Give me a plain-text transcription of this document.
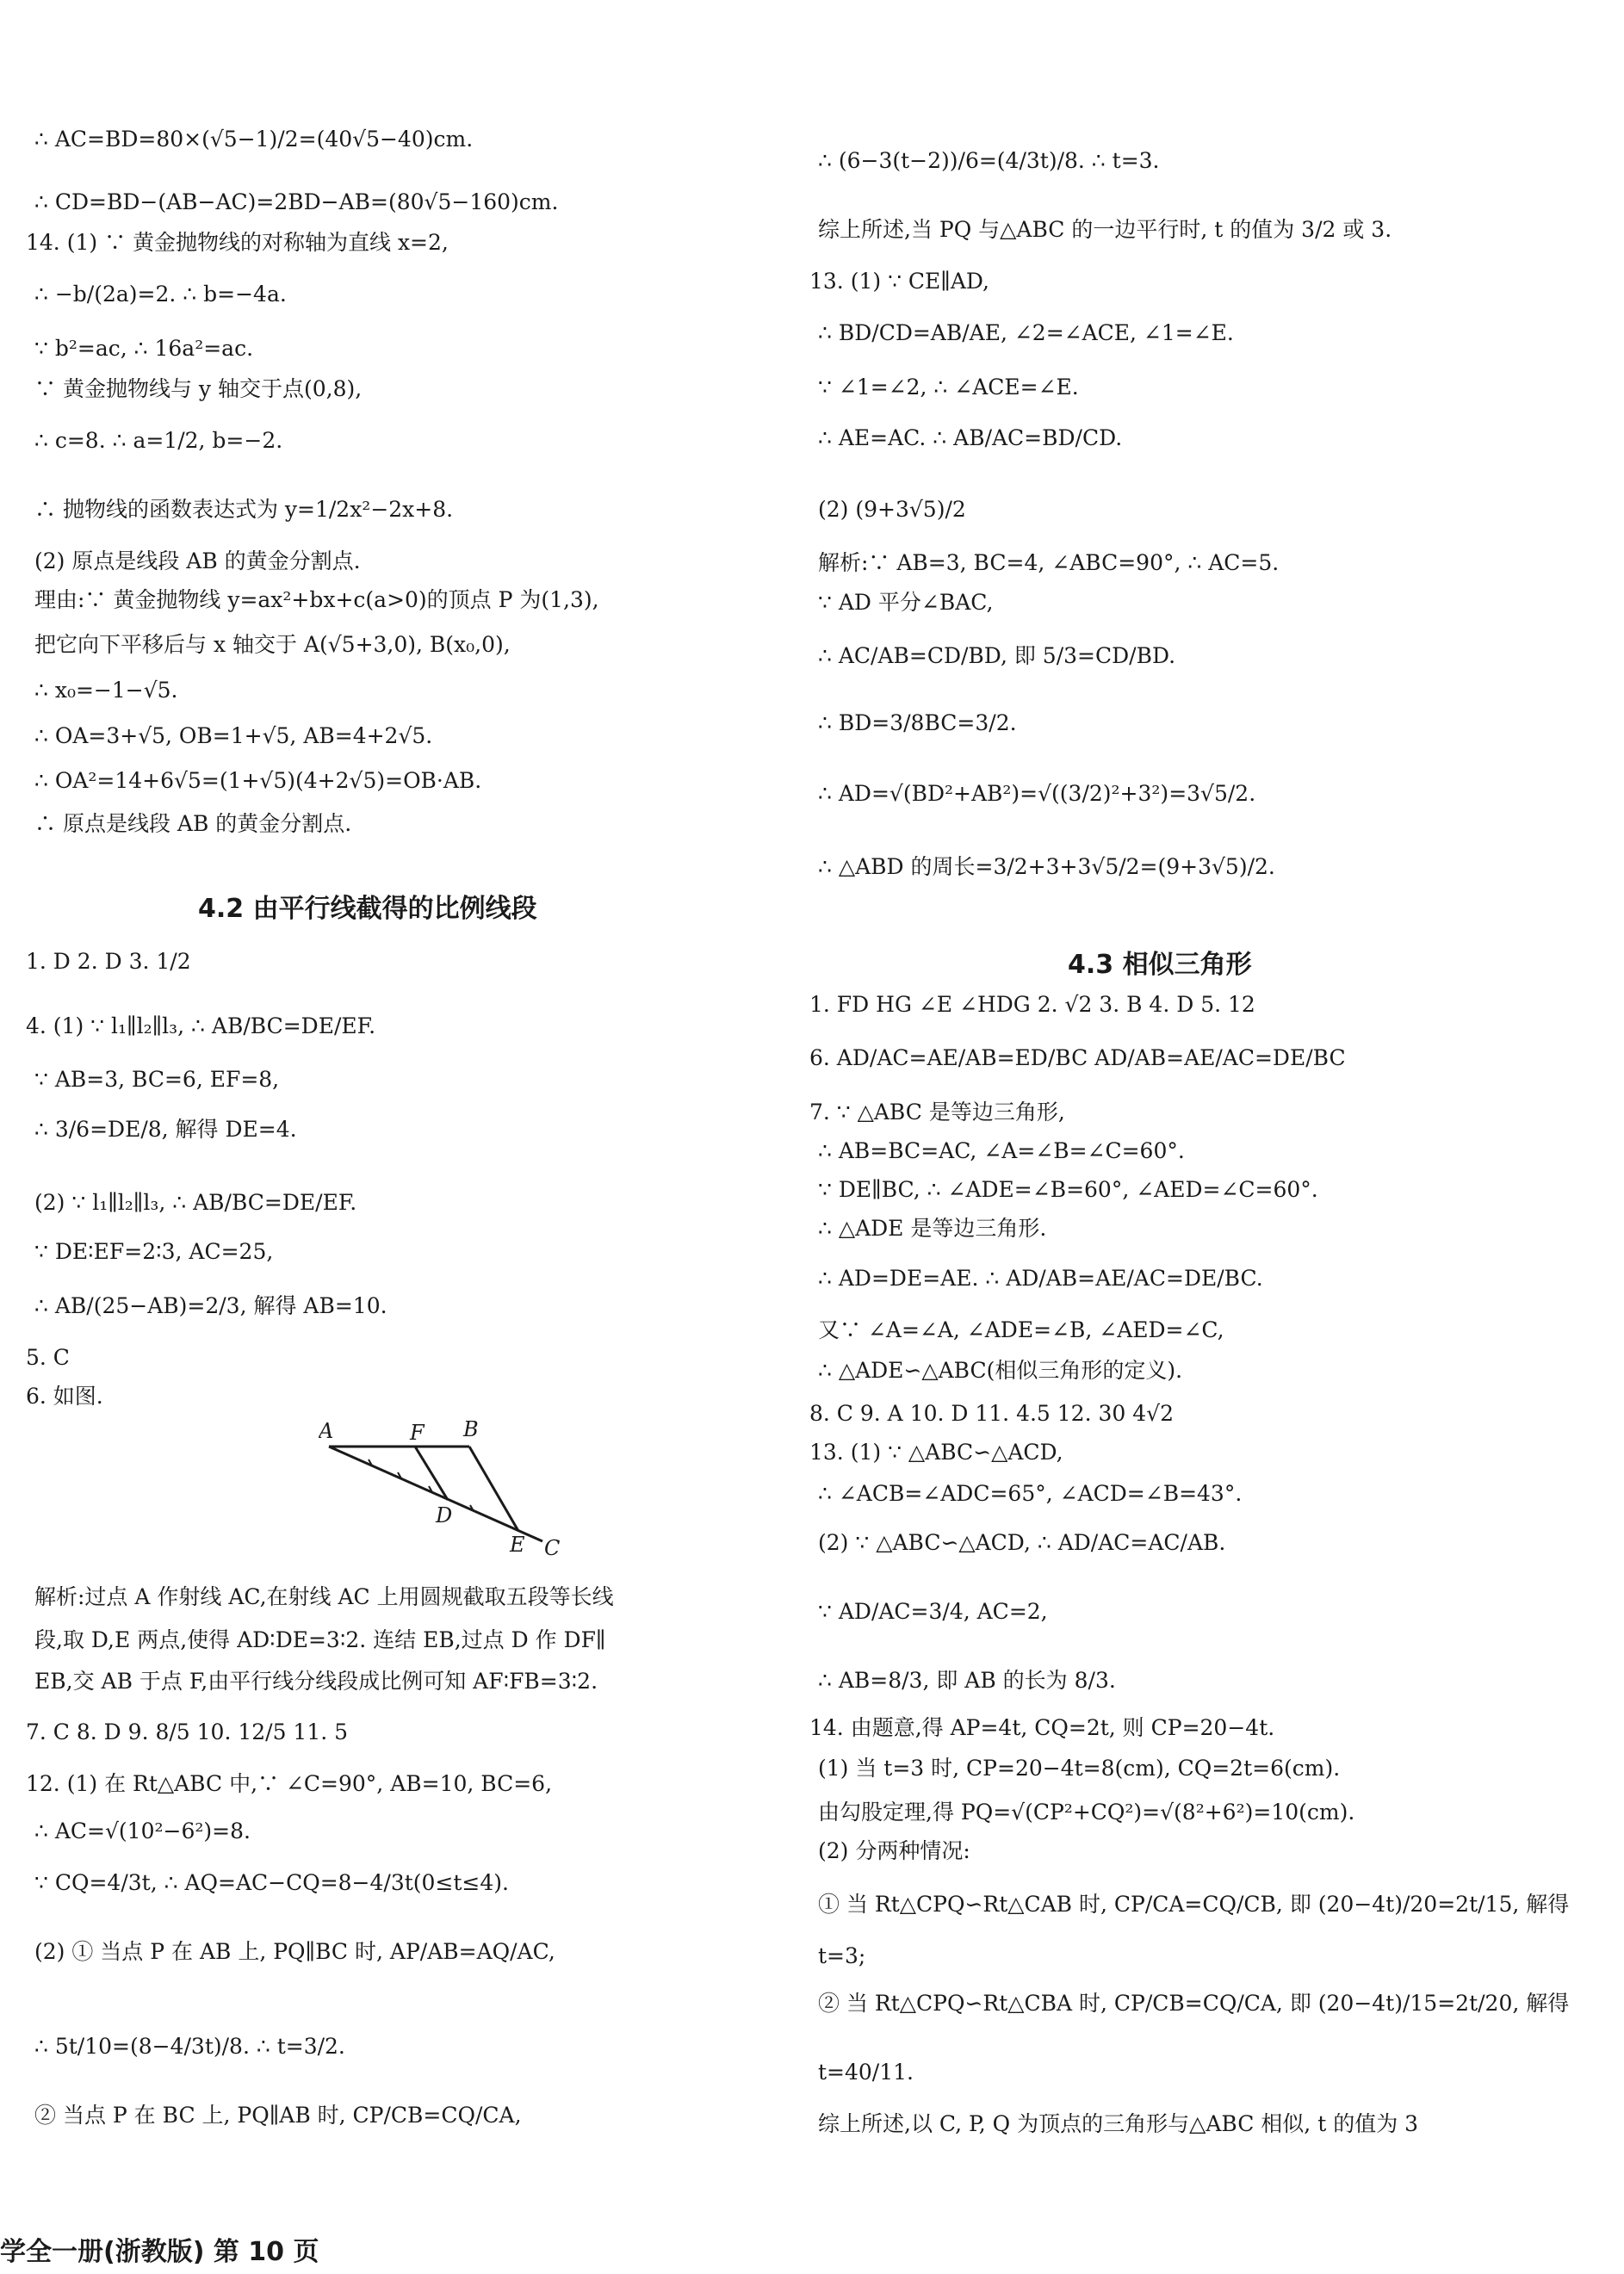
∴ AC=BD=80×(√5−1)/2=(40√5−40)cm.
∴ CD=BD−(AB−AC)=2BD−AB=(80√5−160)cm.
14. (1) ∵ 黄金抛物线的对称轴为直线 x=2,
∴ −b/(2a)=2. ∴ b=−4a.
∵ b²=ac, ∴ 16a²=ac.
∵ 黄金抛物线与 y 轴交于点(0,8),
∴ c=8. ∴ a=1/2, b=−2.
∴ 抛物线的函数表达式为 y=1/2x²−2x+8.
(2) 原点是线段 AB 的黄金分割点.
理由:∵ 黄金抛物线 y=ax²+bx+c(a>0)的顶点 P 为(1,3),
把它向下平移后与 x 轴交于 A(√5+3,0), B(x₀,0),
∴ x₀=−1−√5.
∴ OA=3+√5, OB=1+√5, AB=4+2√5.
∴ OA²=14+6√5=(1+√5)(4+2√5)=OB·AB.
∴ 原点是线段 AB 的黄金分割点.
4.2 由平行线截得的比例线段
1. D 2. D 3. 1/2
4. (1) ∵ l₁∥l₂∥l₃, ∴ AB/BC=DE/EF.
∵ AB=3, BC=6, EF=8,
∴ 3/6=DE/8, 解得 DE=4.
(2) ∵ l₁∥l₂∥l₃, ∴ AB/BC=DE/EF.
∵ DE∶EF=2∶3, AC=25,
∴ AB/(25−AB)=2/3, 解得 AB=10.
5. C
6. 如图.
A	F B
D
E C
解析:过点 A 作射线 AC,在射线 AC 上用圆规截取五段等长线
段,取 D,E 两点,使得 AD∶DE=3∶2. 连结 EB,过点 D 作 DF∥
EB,交 AB 于点 F,由平行线分线段成比例可知 AF∶FB=3∶2.
7. C 8. D 9. 8/5 10. 12/5 11. 5
12. (1) 在 Rt△ABC 中,∵ ∠C=90°, AB=10, BC=6,
∴ AC=√(10²−6²)=8.
∵ CQ=4/3t, ∴ AQ=AC−CQ=8−4/3t(0≤t≤4).
(2) ① 当点 P 在 AB 上, PQ∥BC 时, AP/AB=AQ/AC,
∴ 5t/10=(8−4/3t)/8. ∴ t=3/2.
② 当点 P 在 BC 上, PQ∥AB 时, CP/CB=CQ/CA,
∴ (6−3(t−2))/6=(4/3t)/8. ∴ t=3.
综上所述,当 PQ 与△ABC 的一边平行时, t 的值为 3/2 或 3.
13. (1) ∵ CE∥AD,
∴ BD/CD=AB/AE, ∠2=∠ACE, ∠1=∠E.
∵ ∠1=∠2, ∴ ∠ACE=∠E.
∴ AE=AC. ∴ AB/AC=BD/CD.
(2) (9+3√5)/2
解析:∵ AB=3, BC=4, ∠ABC=90°, ∴ AC=5.
∵ AD 平分∠BAC,
∴ AC/AB=CD/BD, 即 5/3=CD/BD.
∴ BD=3/8BC=3/2.
∴ AD=√(BD²+AB²)=√((3/2)²+3²)=3√5/2.
∴ △ABD 的周长=3/2+3+3√5/2=(9+3√5)/2.
4.3 相似三角形
1. FD HG ∠E ∠HDG 2. √2 3. B 4. D 5. 12
6. AD/AC=AE/AB=ED/BC AD/AB=AE/AC=DE/BC
7. ∵ △ABC 是等边三角形,
∴ AB=BC=AC, ∠A=∠B=∠C=60°.
∵ DE∥BC, ∴ ∠ADE=∠B=60°, ∠AED=∠C=60°.
∴ △ADE 是等边三角形.
∴ AD=DE=AE. ∴ AD/AB=AE/AC=DE/BC.
又∵ ∠A=∠A, ∠ADE=∠B, ∠AED=∠C,
∴ △ADE∽△ABC(相似三角形的定义).
8. C 9. A 10. D 11. 4.5 12. 30 4√2
13. (1) ∵ △ABC∽△ACD,
∴ ∠ACB=∠ADC=65°, ∠ACD=∠B=43°.
(2) ∵ △ABC∽△ACD, ∴ AD/AC=AC/AB.
∵ AD/AC=3/4, AC=2,
∴ AB=8/3, 即 AB 的长为 8/3.
14. 由题意,得 AP=4t, CQ=2t, 则 CP=20−4t.
(1) 当 t=3 时, CP=20−4t=8(cm), CQ=2t=6(cm).
由勾股定理,得 PQ=√(CP²+CQ²)=√(8²+6²)=10(cm).
(2) 分两种情况:
① 当 Rt△CPQ∽Rt△CAB 时, CP/CA=CQ/CB, 即 (20−4t)/20=2t/15, 解得
t=3;
② 当 Rt△CPQ∽Rt△CBA 时, CP/CB=CQ/CA, 即 (20−4t)/15=2t/20, 解得
t=40/11.
综上所述,以 C, P, Q 为顶点的三角形与△ABC 相似, t 的值为 3
学全一册(浙教版) 第 10 页
